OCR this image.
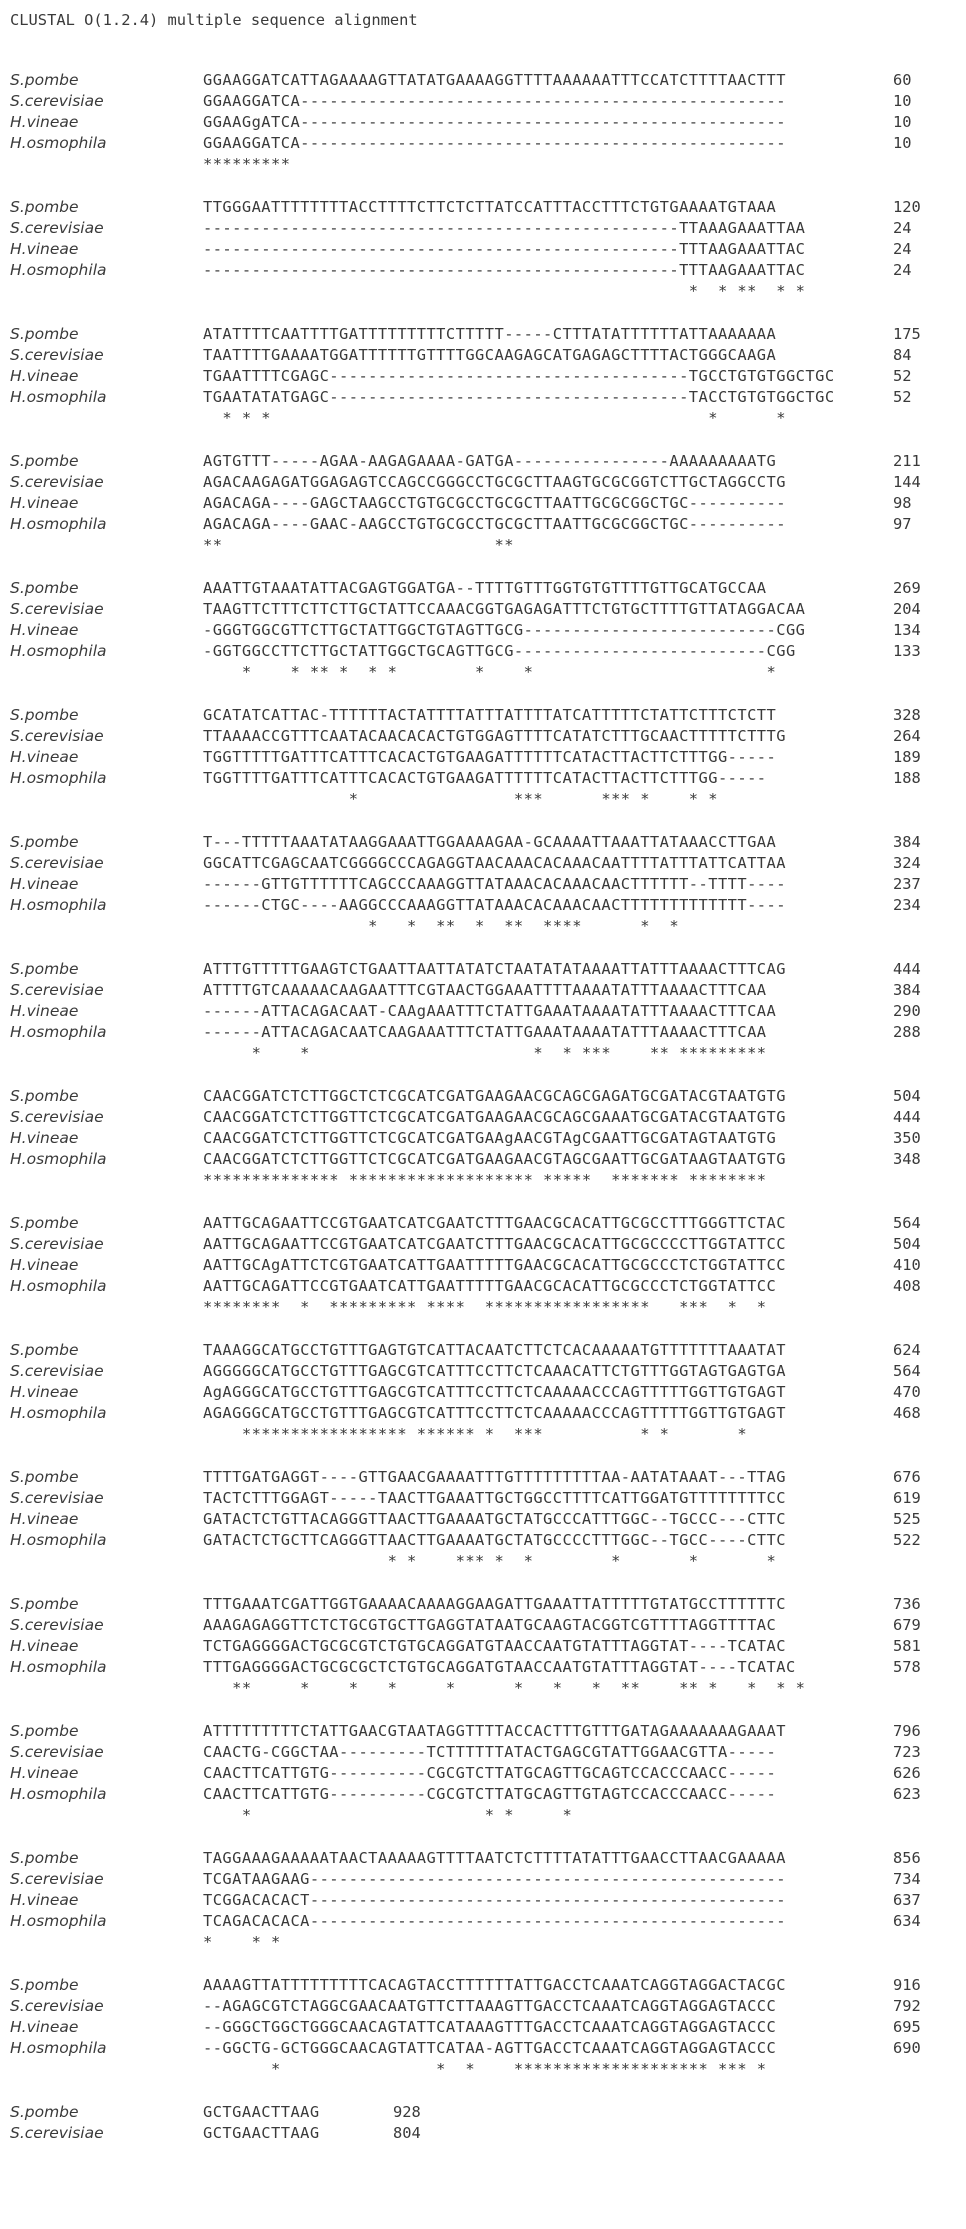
CLUSTAL O(1.2.4) multiple sequence alignment
S.pombe	GGAAGGATCATTAGAAAAGTTATATGAAAAGGTTTTAAAAAATTTCCATCTTTTAACTTT	60
S.cerevisiae	GGAAGGATCA--------------------------------------------------	10
H.vineae	GGAAGgATCA--------------------------------------------------	10
H.osmophila	GGAAGGATCA--------------------------------------------------	10
*********
S.pombe	TTGGGAATTTTTTTTACCTTTTCTTCTCTTATCCATTTACCTTTCTGTGAAAATGTAAA	120
S.cerevisiae	-------------------------------------------------TTAAAGAAATTAA	24
H.vineae	-------------------------------------------------TTTAAGAAATTAC	24
H.osmophila	-------------------------------------------------TTTAAGAAATTAC	24
*  * **  * *
S.pombe	ATATTTTCAATTTTGATTTTTTTTTCTTTTT-----CTTTATATTTTTTATTAAAAAAA	175
S.cerevisiae	TAATTTTGAAAATGGATTTTTTGTTTTGGCAAGAGCATGAGAGCTTTTACTGGGCAAGA	84
H.vineae	TGAATTTTCGAGC-------------------------------------TGCCTGTGTGGCTGC	52
H.osmophila	TGAATATATGAGC-------------------------------------TACCTGTGTGGCTGC	52
* * *                                             *      *
S.pombe	AGTGTTT-----AGAA-AAGAGAAAA-GATGA----------------AAAAAAAAATG	211
S.cerevisiae	AGACAAGAGATGGAGAGTCCAGCCGGGCCTGCGCTTAAGTGCGCGGTCTTGCTAGGCCTG	144
H.vineae	AGACAGA----GAGCTAAGCCTGTGCGCCTGCGCTTAATTGCGCGGCTGC----------	98
H.osmophila	AGACAGA----GAAC-AAGCCTGTGCGCCTGCGCTTAATTGCGCGGCTGC----------	97
**                            **
S.pombe	AAATTGTAAATATTACGAGTGGATGA--TTTTGTTTGGTGTGTTTTGTTGCATGCCAA	269
S.cerevisiae	TAAGTTCTTTCTTCTTGCTATTCCAAACGGTGAGAGATTTCTGTGCTTTTGTTATAGGACAA	204
H.vineae	-GGGTGGCGTTCTTGCTATTGGCTGTAGTTGCG--------------------------CGG	134
H.osmophila	-GGTGGCCTTCTTGCTATTGGCTGCAGTTGCG--------------------------CGG	133
*    * ** *  * *        *    *                        *
S.pombe	GCATATCATTAC-TTTTTTACTATTTTATTTATTTTATCATTTTTCTATTCTTTCTCTT	328
S.cerevisiae	TTAAAACCGTTTCAATACAACACACTGTGGAGTTTTCATATCTTTGCAACTTTTTCTTTG	264
H.vineae	TGGTTTTTGATTTCATTTCACACTGTGAAGATTTTTTCATACTTACTTCTTTGG-----	189
H.osmophila	TGGTTTTGATTTCATTTCACACTGTGAAGATTTTTTCATACTTACTTCTTTGG-----	188
*                ***      *** *    * *
S.pombe	T---TTTTTAAATATAAGGAAATTGGAAAAGAA-GCAAAATTAAATTATAAACCTTGAA	384
S.cerevisiae	GGCATTCGAGCAATCGGGGCCCAGAGGTAACAAACACAAACAATTTTATTTATTCATTAA	324
H.vineae	------GTTGTTTTTTCAGCCCAAAGGTTATAAACACAAACAACTTTTTT--TTTT----	237
H.osmophila	------CTGC----AAGGCCCAAAGGTTATAAACACAAACAACTTTTTTTTTTTTT----	234
*   *  **  *  **  ****      *  *
S.pombe	ATTTGTTTTTGAAGTCTGAATTAATTATATCTAATATATAAAATTATTTAAAACTTTCAG	444
S.cerevisiae	ATTTTGTCAAAAACAAGAATTTCGTAACTGGAAATTTTAAAATATTTAAAACTTTCAA	384
H.vineae	------ATTACAGACAAT-CAAgAAATTTCTATTGAAATAAAATATTTAAAACTTTCAA	290
H.osmophila	------ATTACAGACAATCAAGAAATTTCTATTGAAATAAAATATTTAAAACTTTCAA	288
*    *                       *  * ***    ** *********
S.pombe	CAACGGATCTCTTGGCTCTCGCATCGATGAAGAACGCAGCGAGATGCGATACGTAATGTG	504
S.cerevisiae	CAACGGATCTCTTGGTTCTCGCATCGATGAAGAACGCAGCGAAATGCGATACGTAATGTG	444
H.vineae	CAACGGATCTCTTGGTTCTCGCATCGATGAAgAACGTAgCGAATTGCGATAGTAATGTG	350
H.osmophila	CAACGGATCTCTTGGTTCTCGCATCGATGAAGAACGTAGCGAATTGCGATAAGTAATGTG	348
************** ******************* *****  ******* ********
S.pombe	AATTGCAGAATTCCGTGAATCATCGAATCTTTGAACGCACATTGCGCCTTTGGGTTCTAC	564
S.cerevisiae	AATTGCAGAATTCCGTGAATCATCGAATCTTTGAACGCACATTGCGCCCCTTGGTATTCC	504
H.vineae	AATTGCAgATTCTCGTGAATCATTGAATTTTTGAACGCACATTGCGCCCTCTGGTATTCC	410
H.osmophila	AATTGCAGATTCCGTGAATCATTGAATTTTTGAACGCACATTGCGCCCTCTGGTATTCC	408
********  *  ********* ****  *****************   ***  *  *
S.pombe	TAAAGGCATGCCTGTTTGAGTGTCATTACAATCTTCTCACAAAAATGTTTTTTTAAATAT	624
S.cerevisiae	AGGGGGCATGCCTGTTTGAGCGTCATTTCCTTCTCAAACATTCTGTTTGGTAGTGAGTGA	564
H.vineae	AgAGGGCATGCCTGTTTGAGCGTCATTTCCTTCTCAAAAACCCAGTTTTTGGTTGTGAGT	470
H.osmophila	AGAGGGCATGCCTGTTTGAGCGTCATTTCCTTCTCAAAAACCCAGTTTTTGGTTGTGAGT	468
***************** ****** *  ***          * *       *
S.pombe	TTTTGATGAGGT----GTTGAACGAAAATTTGTTTTTTTTTAA-AATATAAAT---TTAG	676
S.cerevisiae	TACTCTTTGGAGT-----TAACTTGAAATTGCTGGCCTTTTCATTGGATGTTTTTTTTCC	619
H.vineae	GATACTCTGTTACAGGGTTAACTTGAAAATGCTATGCCCATTTGGC--TGCCC---CTTC	525
H.osmophila	GATACTCTGCTTCAGGGTTAACTTGAAAATGCTATGCCCCTTTGGC--TGCC----CTTC	522
* *    *** *  *        *       *       *
S.pombe	TTTGAAATCGATTGGTGAAAACAAAAGGAAGATTGAAATTATTTTTGTATGCCTTTTTTC	736
S.cerevisiae	AAAGAGAGGTTCTCTGCGTGCTTGAGGTATAATGCAAGTACGGTCGTTTTAGGTTTTAC	679
H.vineae	TCTGAGGGGACTGCGCGTCTGTGCAGGATGTAACCAATGTATTTAGGTAT----TCATAC	581
H.osmophila	TTTGAGGGGACTGCGCGCTCTGTGCAGGATGTAACCAATGTATTTAGGTAT----TCATAC	578
**     *    *   *     *      *   *   *  **    ** *   *  * *
S.pombe	ATTTTTTTTTCTATTGAACGTAATAGGTTTTACCACTTTGTTTGATAGAAAAAAAGAAAT	796
S.cerevisiae	CAACTG-CGGCTAA---------TCTTTTTTATACTGAGCGTATTGGAACGTTA-----	723
H.vineae	CAACTTCATTGTG----------CGCGTCTTATGCAGTTGCAGTCCACCCAACC-----	626
H.osmophila	CAACTTCATTGTG----------CGCGTCTTATGCAGTTGTAGTCCACCCAACC-----	623
*                        * *     *
S.pombe	TAGGAAAGAAAAATAACTAAAAAGTTTTAATCTCTTTTATATTTGAACCTTAACGAAAAA	856
S.cerevisiae	TCGATAAGAAG-------------------------------------------------	734
H.vineae	TCGGACACACT-------------------------------------------------	637
H.osmophila	TCAGACACACA-------------------------------------------------	634
*    * *
S.pombe	AAAAGTTATTTTTTTTTCACAGTACCTTTTTTATTGACCTCAAATCAGGTAGGACTACGC	916
S.cerevisiae	--AGAGCGTCTAGGCGAACAATGTTCTTAAAGTTGACCTCAAATCAGGTAGGAGTACCC	792
H.vineae	--GGGCTGGCTGGGCAACAGTATTCATAAAGTTTGACCTCAAATCAGGTAGGAGTACCC	695
H.osmophila	--GGCTG-GCTGGGCAACAGTATTCATAA-AGTTGACCTCAAATCAGGTAGGAGTACCC	690
*                *  *    ******************** *** *
S.pombe	GCTGAACTTAAG	928
S.cerevisiae	GCTGAACTTAAG	804
